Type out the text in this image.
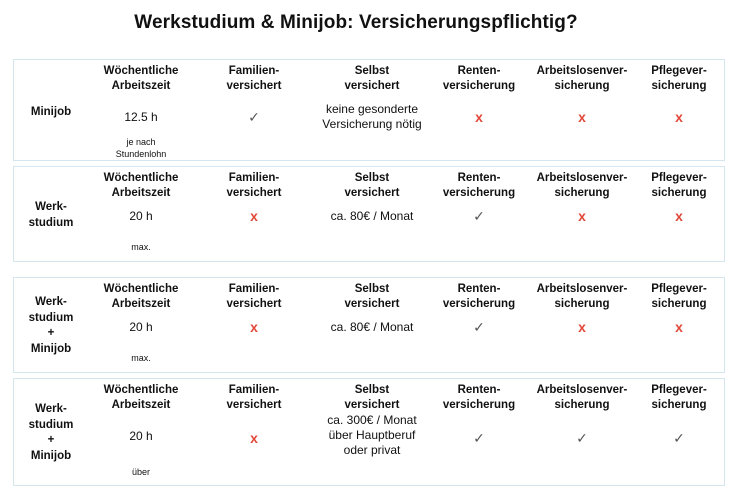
Werkstudium & Minijob: Versicherungspflichtig?
Minijob
Wöchentliche
Arbeitszeit
12.5 h
je nach
Stundenlohn
Familien-
versichert
✓
Selbst
versichert
keine gesonderte
Versicherung nötig
Renten-
versicherung
x
Arbeitslosenver-
sicherung
x
Pflegever-
sicherung
x
Werk-
studium
Wöchentliche
Arbeitszeit
20 h
max.
Familien-
versichert
x
Selbst
versichert
ca. 80€ / Monat
Renten-
versicherung
✓
Arbeitslosenver-
sicherung
x
Pflegever-
sicherung
x
Werk-
studium
+
Minijob
Wöchentliche
Arbeitszeit
20 h
max.
Familien-
versichert
x
Selbst
versichert
ca. 80€ / Monat
Renten-
versicherung
✓
Arbeitslosenver-
sicherung
x
Pflegever-
sicherung
x
Werk-
studium
+
Minijob
Wöchentliche
Arbeitszeit
20 h
über
Familien-
versichert
x
Selbst
versichert
ca. 300€ / Monat
über Hauptberuf
oder privat
Renten-
versicherung
✓
Arbeitslosenver-
sicherung
✓
Pflegever-
sicherung
✓
